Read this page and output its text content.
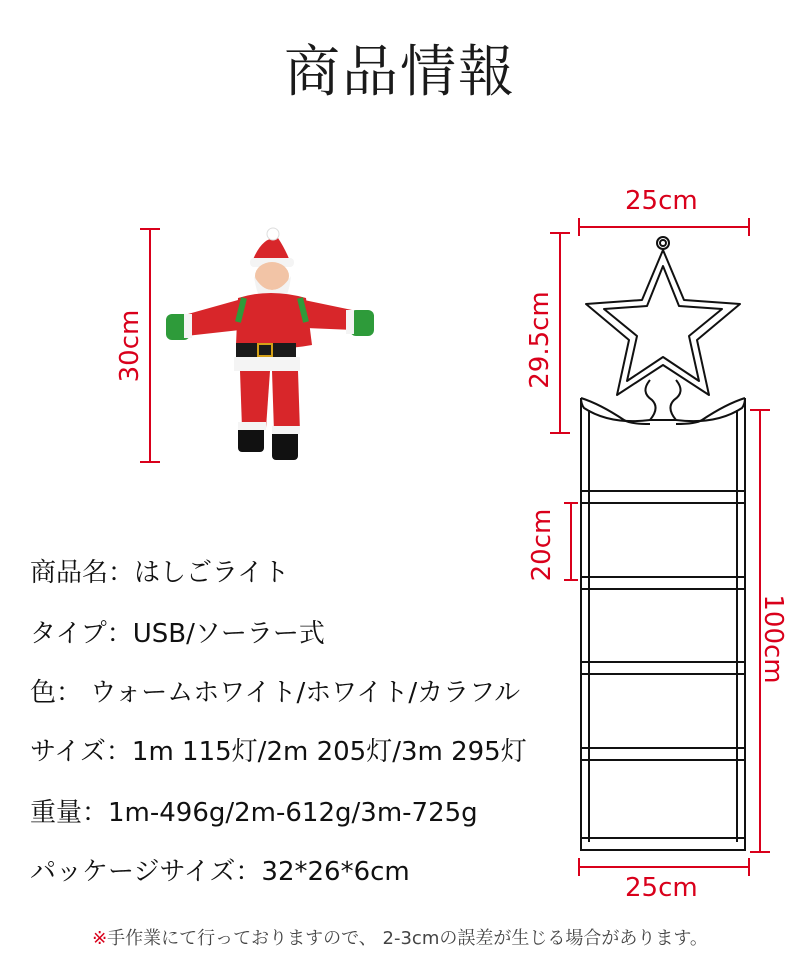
商品情報
30cm
25cm
29.5cm
20cm
100cm
25cm
商品名：はしごライト
タイプ：USB/ソーラー式
色： ウォームホワイト/ホワイト/カラフル
サイズ：1m 115灯/2m 205灯/3m 295灯
重量：1m-496g/2m-612g/3m-725g
パッケージサイズ：32*26*6cm
※手作業にて行っておりますので、 2-3cmの誤差が生じる場合があります。
